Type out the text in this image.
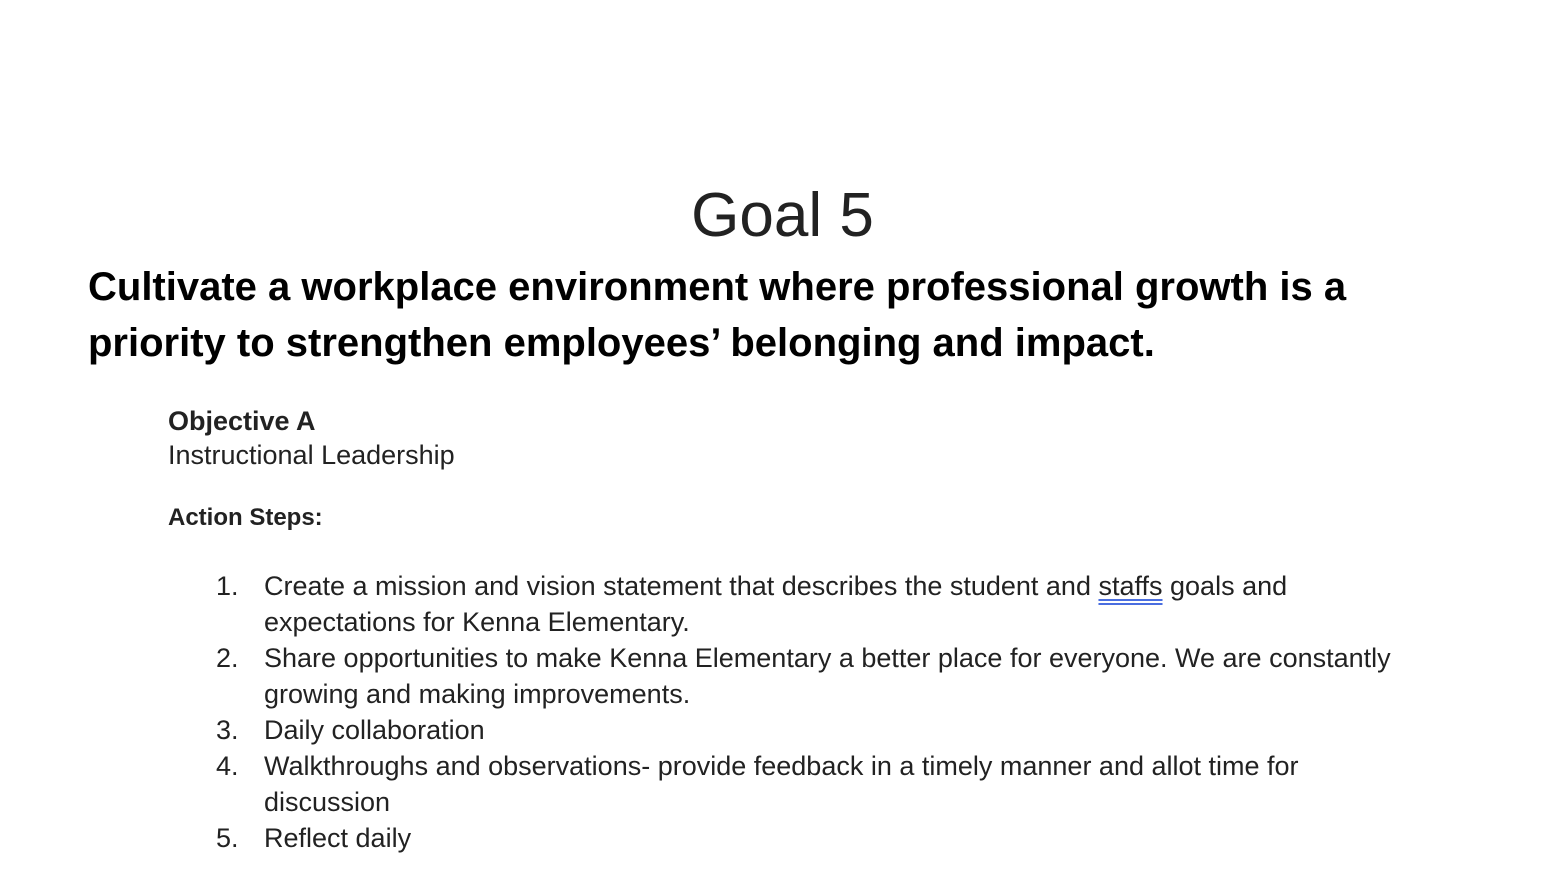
Goal 5

Cultivate a workplace environment where professional growth is a priority to strengthen employees’ belonging and impact.

Objective A

Instructional Leadership

Action Steps:

1. Create a mission and vision statement that describes the student and staffs goals and expectations for Kenna Elementary.
2. Share opportunities to make Kenna Elementary a better place for everyone. We are constantly growing and making improvements.
3. Daily collaboration
4. Walkthroughs and observations- provide feedback in a timely manner and allot time for discussion
5. Reflect daily
